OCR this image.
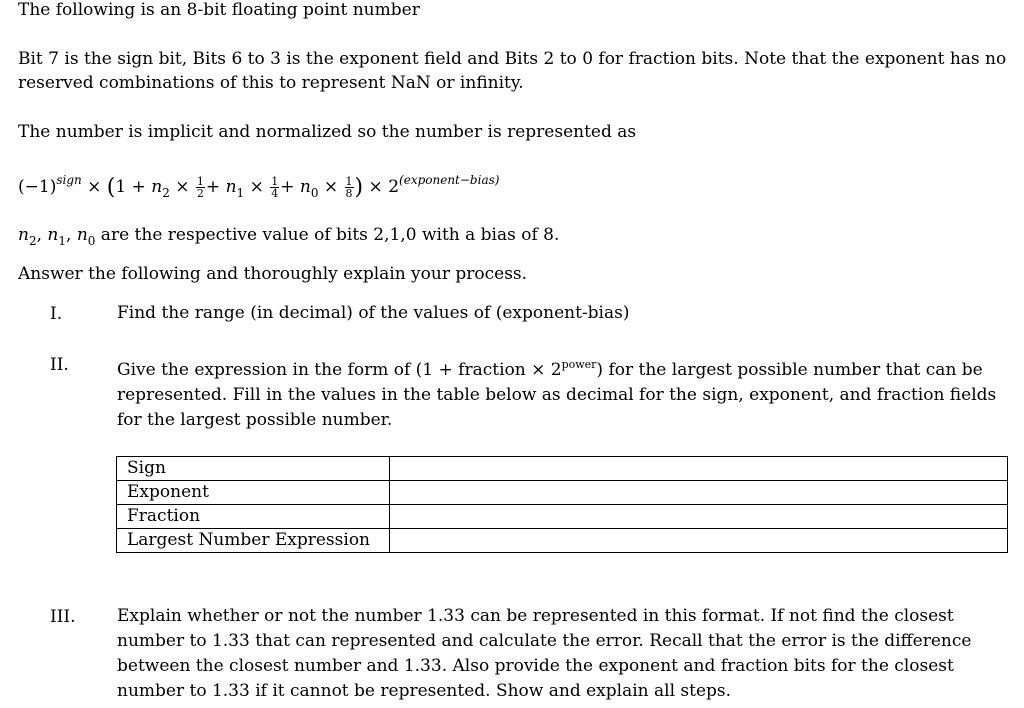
The following is an 8-bit floating point number
Bit 7 is the sign bit, Bits 6 to 3 is the exponent field and Bits 2 to 0 for fraction bits. Note that the exponent has no reserved combinations of this to represent NaN or infinity.
The number is implicit and normalized so the number is represented as
$(-1)^{sign} \times (1 + n_2 \times \frac{1}{2} + n_1 \times \frac{1}{4} + n_0 \times \frac{1}{8}$ ) × $2^{(exponent-bias)}$
$n_2$, $n_1$, $n_0$ are the respective value of bits 2,1,0 with a bias of 8.
Answer the following and thoroughly explain your process.
I.	Find the range (in decimal) of the values of (exponent-bias)
II.	Give the expression in the form of (1 + fraction × $2^{power}$) for the largest possible number that can be represented. Fill in the values in the table below as decimal for the sign, exponent, and fraction fields for the largest possible number.
Sign	
Exponent	
Fraction	
Largest Number Expression	
III.	Explain whether or not the number 1.33 can be represented in this format. If not find the closest number to 1.33 that can represented and calculate the error. Recall that the error is the difference between the closest number and 1.33. Also provide the exponent and fraction bits for the closest number to 1.33 if it cannot be represented. Show and explain all steps.
